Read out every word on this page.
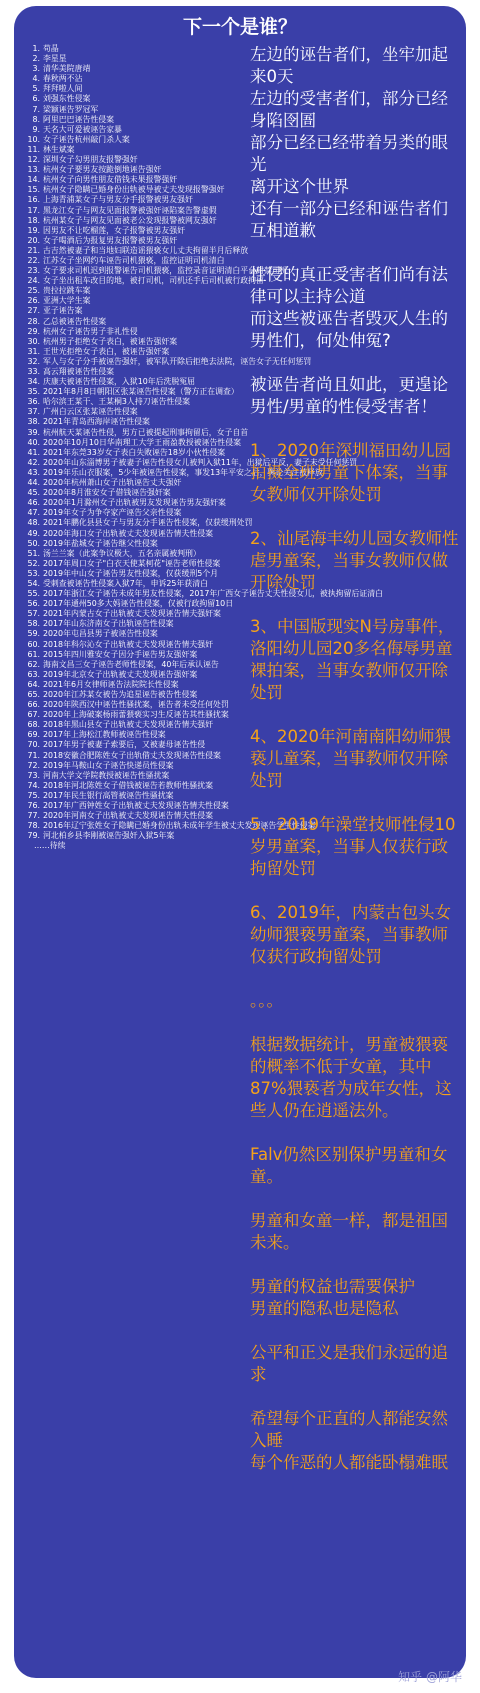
下一个是谁？
1. 苟晶
2. 李星星
3. 清华美院唐靖
4. 春秋两不沾
5. 拜拜啦人间
6. 刘强东性侵案
7. 梁颖诬告罗冠军
8. 阿里巴巴诬告性侵案
9. 天名大可爱被诬告家暴
10. 女子诬告杭州敲门杀人案
11. 林生斌案
12. 深圳女子勾男朋友报警强奸
13. 杭州女子要男友按跪倒地诬告强奸
14. 杭州女子向男性朋友借钱未果报警强奸
15. 杭州女子隐瞒已婚身份出轨被导被丈夫发现报警强奸
16. 上海青浦某女子与男友分手报警被男友强奸
17. 黑龙江女子与网友见面报警被强奸诬陷案告警虚假
18. 杭州某女子与网友见面被老公发现报警被网友强奸
19. 因男友不让吃榴莲，女子报警被男友强奸
20. 女子喝酒后为报复男友报警被男友强奸
21. 古吉然被妻子和当地妇联造谣猥亵女儿丈夫拘留半月后释放
22. 江苏女子坐网约车诬告司机猥亵，监控证明司机清白
23. 女子要求司机迟到报警诬告司机猥亵，监控录音证明清白平台封禁司机
24. 女子坐出租车改目的地，被打司机，司机还手后司机被行政拘留
25. 贵拉拉跳车案
26. 亚洲大学生案
27. 亚子诬告案
28. 乙总被诬告性侵案
29. 杭州女子诬告男子非礼性侵
30. 杭州男子拒绝女子表白，被诬告强奸案
31. 王世光拒绝女子表白，被诬告强奸案
32. 军人与女子分手被诬告强奸，被军队开除后拒绝去法院，诬告女子无任何惩罚
33. 高云翔被诬告性侵案
34. 庆康夫被诬告性侵案，入狱10年后洗脱冤屈
35. 2021年8月8日朝阳区张某诬告性侵案（警方正在调查）
36. 哈尔滨王某干、王某桐3人持刀诬告性侵案
37. 广州白云区张某诬告性侵案
38. 2021年青岛西海岸诬告性侵案
39. 杭州航天某诬告性侵，男方已被提起刑事拘留后，女子自首
40. 2020年10月10日华南理工大学王雨盈教授被诬告性侵案
41. 2021年东莞33岁女子表白失败诬告18岁小伙性侵案
42. 2020年山东淄博男子被妻子诬告性侵女儿被判入狱11年，出狱后平反，妻子未受任何惩罚
43. 2019年乐山衣服案，5少年被诬告性侵案，事发13年平安之后，舆论关注被释放
44. 2020年杭州萧山女子出轨诬告丈夫强奸
45. 2020年8月淮安女子借钱诬告强奸案
46. 2020年1月滁州女子出轨被男友发现诬告男友强奸案
47. 2019年女子为争夺家产诬告父亲性侵案
48. 2021年鹏化县县女子与男友分手诬告性侵案，仅获缓刑处罚
49. 2020年海口女子出轨被丈夫发现诬告情夫性侵案
50. 2019年盐城女子诬告继父性侵案
51. 汤兰兰案（此案争议极大，五名亲属被判刑）
52. 2017年周口女子"白衣天使某柯花"诬告老师性侵案
53. 2019年中山女子诬告男友性侵案，仅获缓刑5个月
54. 受刺查被诬告性侵案入狱7年，申诉25年获清白
55. 2017年浙江女子诬告未成年男友性侵案，2017年广西女子诬告丈夫性侵女儿，被执拘留后证清白
56. 2017年通州50多大妈诬告性侵案，仅被行政拘留10日
57. 2021年内蒙古女子出轨被丈夫发现诬告情夫强奸案
58. 2017年山东济南女子出轨诬告性侵案
59. 2020年屯昌县男子被诬告性侵案
60. 2018年科尔沁女子出轨被丈夫发现诬告情夫强奸
61. 2015年四川雅安女子因分手诬告男友强奸案
62. 海南文昌三女子诬告老师性侵案，40年后承认诬告
63. 2019年北京女子出轨被丈夫发现诬告强奸案
64. 2021年6月女律师诬告法院院长性侵案
65. 2020年江苏某女被告为追星诬告被告性侵案
66. 2020年陕西汉中诬告性骚扰案，诬告者未受任何处罚
67. 2020年上海破案杨雨蕾猥亵实习生反诬告其性骚扰案
68. 2018年黑山县女子出轨被丈夫发现诬告情夫强奸
69. 2017年上海松江教师被诬告性侵案
70. 2017年男子被妻子索要后，又被妻母诬告性侵
71. 2018安徽合肥陈姓女子出轨借丈夫发现诬告性侵案
72. 2019年马鞍山女子诬告快递员性侵案
73. 河南大学文学院教授被诬告性骚扰案
74. 2018年河北陈姓女子借钱被诬告若教师性骚扰案
75. 2017年民生银行高管被诬告性骚扰案
76. 2017年广西钟姓女子出轨被丈夫发现诬告情夫性侵案
77. 2020年河南女子出轨被丈夫发现诬告情夫性侵案
78. 2016年辽宁张姓女子隐瞒已婚身份出轨未成年学生被丈夫发现诬告学生性侵案
79. 河北柏乡县李刚被诬告强奸入狱5年案
……待续

左边的诬告者们，坐牢加起来0天

左边的受害者们，部分已经身陷囹圄

部分已经已经带着另类的眼光

离开这个世界

还有一部分已经和诬告者们互相道歉

性侵的真正受害者们尚有法律可以主持公道

而这些被诬告者毁灭人生的男性们，何处伸冤?

被诬告者尚且如此，更遑论男性/男童的性侵受害者！

1、2020年深圳福田幼儿园拍摄全班男童下体案，当事女教师仅开除处罚

2、汕尾海丰幼儿园女教师性虐男童案，当事女教师仅做开除处罚

3、中国版现实N号房事件，洛阳幼儿园20多名侮辱男童裸拍案，当事女教师仅开除处罚

4、2020年河南南阳幼师猥亵儿童案，当事教师仅开除处罚

5、2019年澡堂技师性侵10岁男童案，当事人仅获行政拘留处罚

6、2019年，内蒙古包头女幼师猥亵男童案，当事教师仅获行政拘留处罚

。。。

根据数据统计，男童被猥亵的概率不低于女童，其中87%猥亵者为成年女性，这些人仍在逍遥法外。

Falv仍然区别保护男童和女童。

男童和女童一样，都是祖国未来。

男童的权益也需要保护

男童的隐私也是隐私

公平和正义是我们永远的追求

希望每个正直的人都能安然入睡

每个作恶的人都能卧榻难眠

知乎 @阿华
